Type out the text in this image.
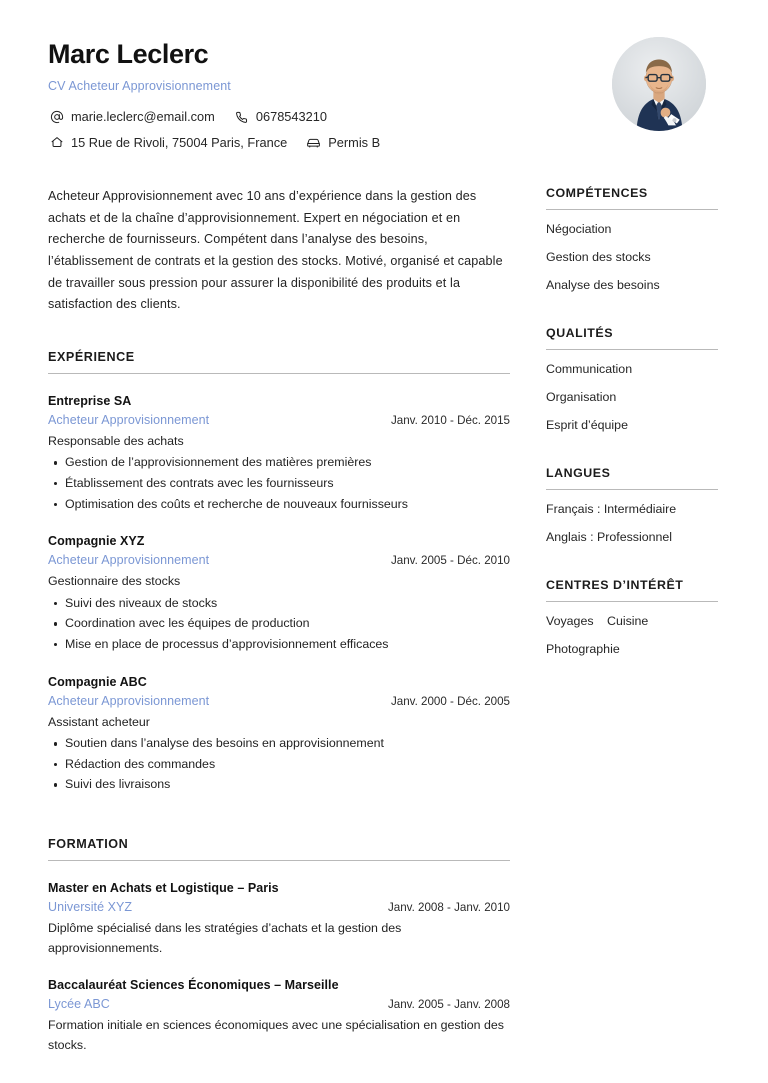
Marc Leclerc
CV Acheteur Approvisionnement
marie.leclerc@email.com	0678543210
15 Rue de Rivoli, 75004 Paris, France	Permis B
Acheteur Approvisionnement avec 10 ans d’expérience dans la gestion des achats et de la chaîne d’approvisionnement. Expert en négociation et en recherche de fournisseurs. Compétent dans l’analyse des besoins, l’établissement de contrats et la gestion des stocks. Motivé, organisé et capable de travailler sous pression pour assurer la disponibilité des produits et la satisfaction des clients.
EXPÉRIENCE
Entreprise SA
Acheteur Approvisionnement	Janv. 2010 - Déc. 2015
Responsable des achats
Gestion de l’approvisionnement des matières premières
Établissement des contrats avec les fournisseurs
Optimisation des coûts et recherche de nouveaux fournisseurs
Compagnie XYZ
Acheteur Approvisionnement	Janv. 2005 - Déc. 2010
Gestionnaire des stocks
Suivi des niveaux de stocks
Coordination avec les équipes de production
Mise en place de processus d’approvisionnement efficaces
Compagnie ABC
Acheteur Approvisionnement	Janv. 2000 - Déc. 2005
Assistant acheteur
Soutien dans l’analyse des besoins en approvisionnement
Rédaction des commandes
Suivi des livraisons
FORMATION
Master en Achats et Logistique – Paris
Université XYZ	Janv. 2008 - Janv. 2010
Diplôme spécialisé dans les stratégies d’achats et la gestion des approvisionnements.
Baccalauréat Sciences Économiques – Marseille
Lycée ABC	Janv. 2005 - Janv. 2008
Formation initiale en sciences économiques avec une spécialisation en gestion des stocks.
COMPÉTENCES
Négociation
Gestion des stocks
Analyse des besoins
QUALITÉS
Communication
Organisation
Esprit d’équipe
LANGUES
Français : Intermédiaire
Anglais : Professionnel
CENTRES D’INTÉRÊT
Voyages Cuisine
Photographie
